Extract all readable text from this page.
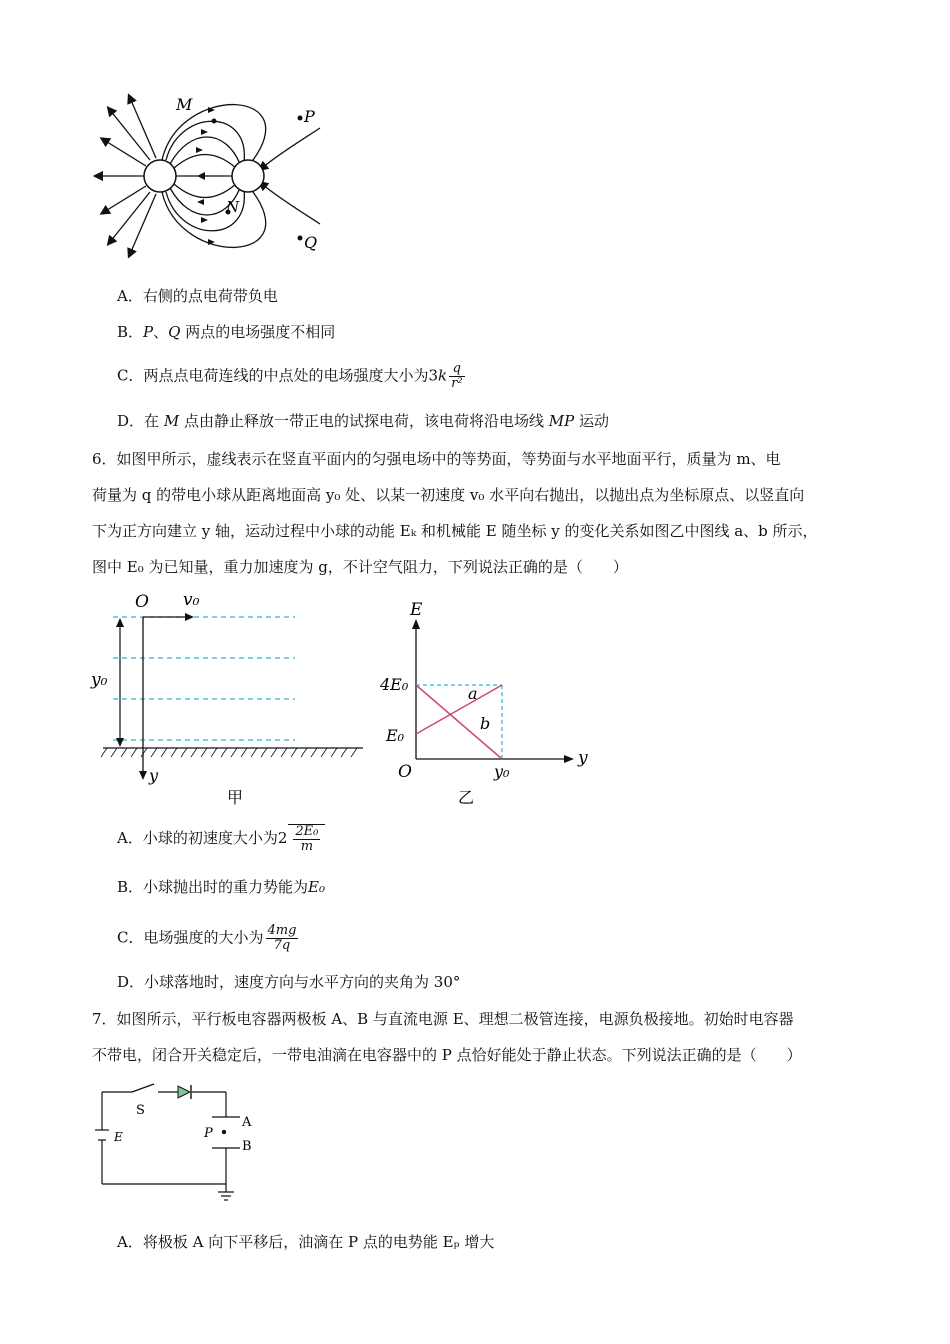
M
P
N
Q
A．右侧的点电荷带负电
B．P、Q 两点的电场强度不相同
C．两点点电荷连线的中点处的电场强度大小为$3k \frac{q}{\text{r²}}$
D．在 M 点由静止释放一带正电的试探电荷，该电荷将沿电场线 MP 运动
6．如图甲所示，虚线表示在竖直平面内的匀强电场中的等势面，等势面与水平地面平行，质量为 m、电
荷量为 q 的带电小球从距离地面高 y₀ 处、以某一初速度 v₀ 水平向右抛出，以抛出点为坐标原点、以竖直向
下为正方向建立 y 轴，运动过程中小球的动能 Eₖ 和机械能 E 随坐标 y 的变化关系如图乙中图线 a、b 所示，
图中 E₀ 为已知量，重力加速度为 g，不计空气阻力，下列说法正确的是（　　）
O v₀
y₀
y
甲
E
4E₀
E₀
O	y₀
y
a
b
乙
A．小球的初速度大小为$2 \frac{\text{2E₀}}{m}$
B．小球抛出时的重力势能为E₀
C．电场强度的大小为 $\frac{4mg}{7q}$
D．小球落地时，速度方向与水平方向的夹角为 30°
7．如图所示，平行板电容器两极板 A、B 与直流电源 E、理想二极管连接，电源负极接地。初始时电容器
不带电，闭合开关稳定后，一带电油滴在电容器中的 P 点恰好能处于静止状态。下列说法正确的是（　　）
S
E	P
A
B
A．将极板 A 向下平移后，油滴在 P 点的电势能 Eₚ 增大
